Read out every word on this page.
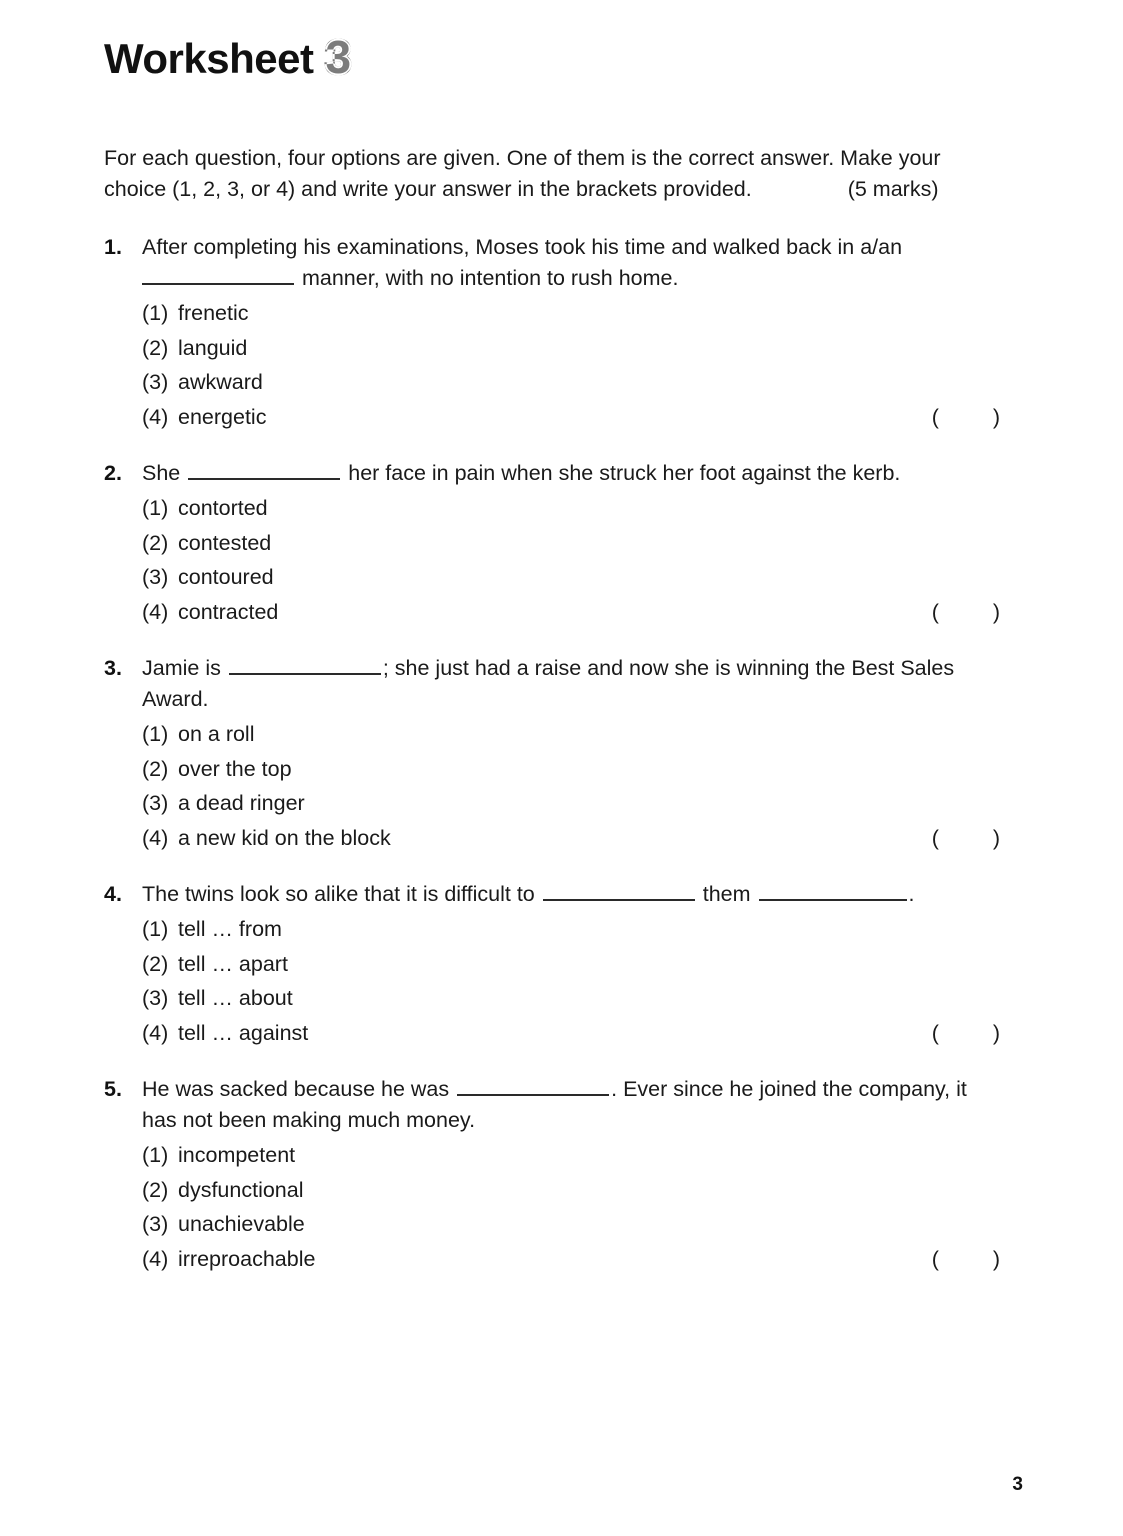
Worksheet 3
For each question, four options are given. One of them is the correct answer. Make your
choice (1, 2, 3, or 4) and write your answer in the brackets provided.	(5 marks)
1. After completing his examinations, Moses took his time and walked back in a/an
manner, with no intention to rush home.
(1) frenetic
(2) languid
(3) awkward
(4) energetic	(  )
2. She	her face in pain when she struck her foot against the kerb.
(1) contorted
(2) contested
(3) contoured
(4) contracted	(  )
3. Jamie is	; she just had a raise and now she is winning the Best Sales
Award.
(1) on a roll
(2) over the top
(3) a dead ringer
(4) a new kid on the block	(  )
4. The twins look so alike that it is difficult to	them	.
(1) tell … from
(2) tell … apart
(3) tell … about
(4) tell … against	(  )
5. He was sacked because he was	. Ever since he joined the company, it
has not been making much money.
(1) incompetent
(2) dysfunctional
(3) unachievable
(4) irreproachable	(  )
3
